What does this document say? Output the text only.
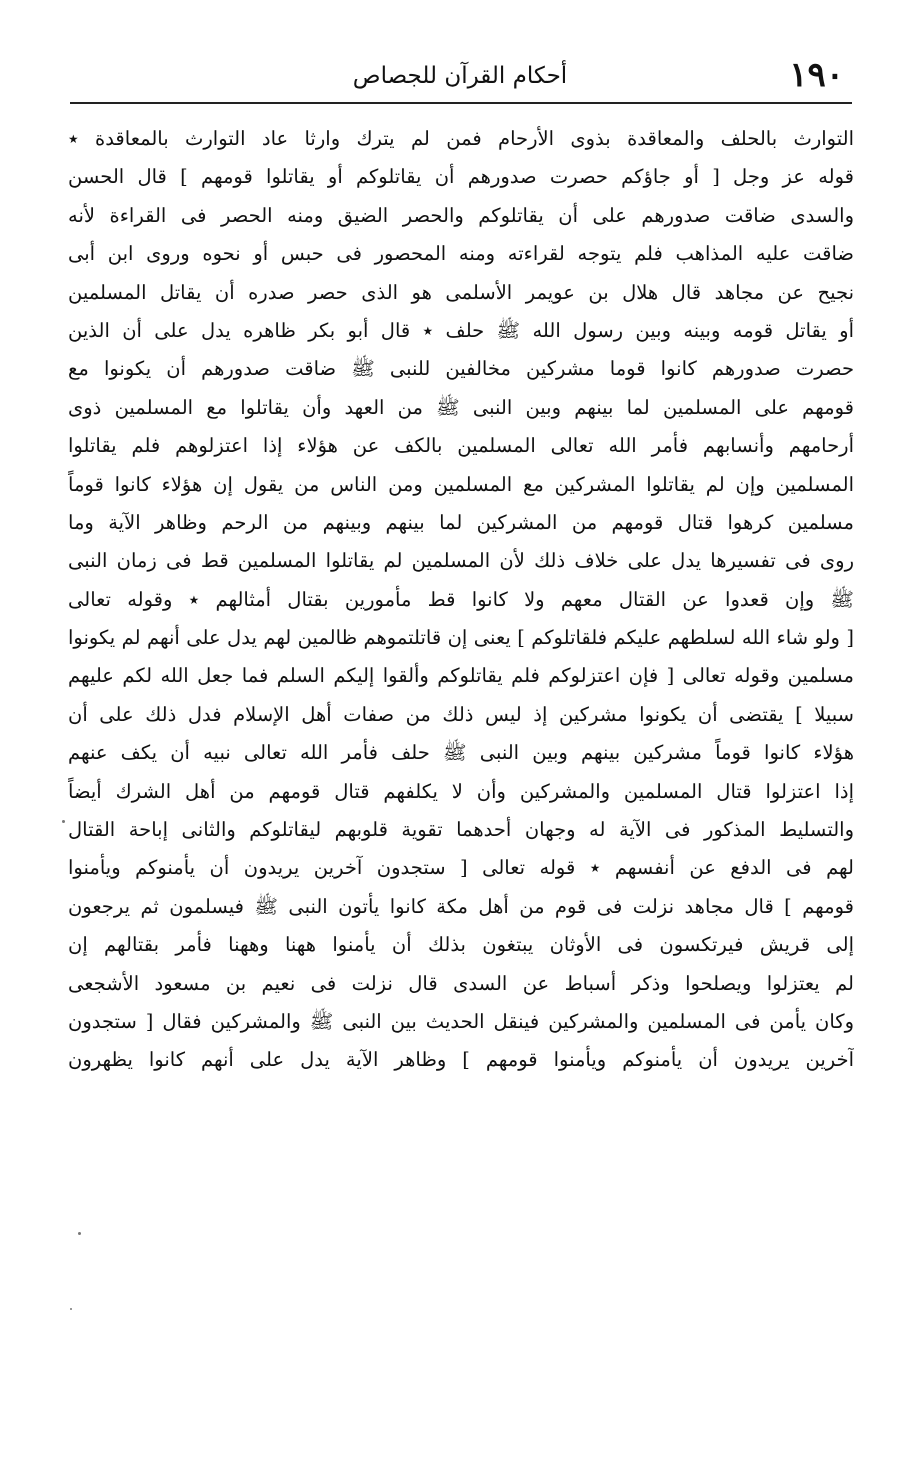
١٩٠
أحكام القرآن للجصاص
التوارث بالحلف والمعاقدة بذوى الأرحام فمن لم يترك وارثا عاد التوارث بالمعاقدة ٭
قوله عز وجل [ أو جاؤكم حصرت صدورهم أن يقاتلوكم أو يقاتلوا قومهم ] قال الحسن
والسدى ضاقت صدورهم على أن يقاتلوكم والحصر الضيق ومنه الحصر فى القراءة لأنه
ضاقت عليه المذاهب فلم يتوجه لقراءته ومنه المحصور فى حبس أو نحوه وروى ابن أبى
نجيح عن مجاهد قال هلال بن عويمر الأسلمى هو الذى حصر صدره أن يقاتل المسلمين
أو يقاتل قومه وبينه وبين رسول الله ﷺ حلف ٭ قال أبو بكر ظاهره يدل على أن الذين
حصرت صدورهم كانوا قوما مشركين مخالفين للنبى ﷺ ضاقت صدورهم أن يكونوا مع
قومهم على المسلمين لما بينهم وبين النبى ﷺ من العهد وأن يقاتلوا مع المسلمين ذوى
أرحامهم وأنسابهم فأمر الله تعالى المسلمين بالكف عن هؤلاء إذا اعتزلوهم فلم يقاتلوا
المسلمين وإن لم يقاتلوا المشركين مع المسلمين ومن الناس من يقول إن هؤلاء كانوا قوماً
مسلمين كرهوا قتال قومهم من المشركين لما بينهم وبينهم من الرحم وظاهر الآية وما
روى فى تفسيرها يدل على خلاف ذلك لأن المسلمين لم يقاتلوا المسلمين قط فى زمان النبى
ﷺ وإن قعدوا عن القتال معهم ولا كانوا قط مأمورين بقتال أمثالهم ٭ وقوله تعالى
[ ولو شاء الله لسلطهم عليكم فلقاتلوكم ] يعنى إن قاتلتموهم ظالمين لهم يدل على أنهم لم يكونوا
مسلمين وقوله تعالى [ فإن اعتزلوكم فلم يقاتلوكم وألقوا إليكم السلم فما جعل الله لكم عليهم
سبيلا ] يقتضى أن يكونوا مشركين إذ ليس ذلك من صفات أهل الإسلام فدل ذلك على أن
هؤلاء كانوا قوماً مشركين بينهم وبين النبى ﷺ حلف فأمر الله تعالى نبيه أن يكف عنهم
إذا اعتزلوا قتال المسلمين والمشركين وأن لا يكلفهم قتال قومهم من أهل الشرك أيضاً
والتسليط المذكور فى الآية له وجهان أحدهما تقوية قلوبهم ليقاتلوكم والثانى إباحة القتال
لهم فى الدفع عن أنفسهم ٭ قوله تعالى [ ستجدون آخرين يريدون أن يأمنوكم ويأمنوا
قومهم ] قال مجاهد نزلت فى قوم من أهل مكة كانوا يأتون النبى ﷺ فيسلمون ثم يرجعون
إلى قريش فيرتكسون فى الأوثان يبتغون بذلك أن يأمنوا ههنا وههنا فأمر بقتالهم إن
لم يعتزلوا ويصلحوا وذكر أسباط عن السدى قال نزلت فى نعيم بن مسعود الأشجعى
وكان يأمن فى المسلمين والمشركين فينقل الحديث بين النبى ﷺ والمشركين فقال [ ستجدون
آخرين يريدون أن يأمنوكم ويأمنوا قومهم ] وظاهر الآية يدل على أنهم كانوا يظهرون
